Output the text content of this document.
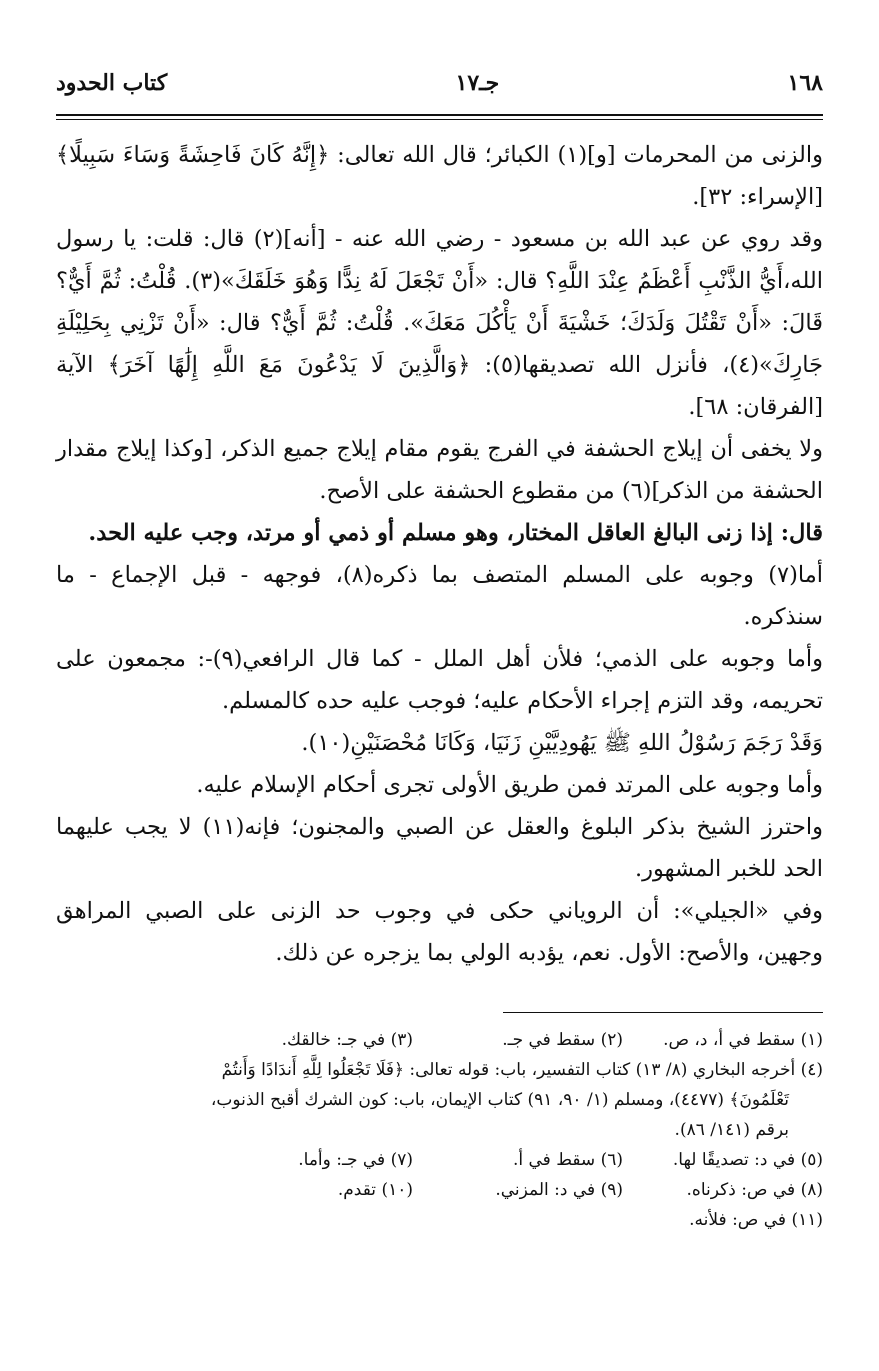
١٦٨
جـ١٧
كتاب الحدود

والزنى من المحرمات [و](١) الكبائر؛ قال الله تعالى: ﴿إِنَّهُ كَانَ فَاحِشَةً وَسَاءَ سَبِيلًا﴾ [الإسراء: ٣٢].

وقد روي عن عبد الله بن مسعود - رضي الله عنه - [أنه](٢) قال: قلت: يا رسول الله،أَيُّ الذَّنْبِ أَعْظَمُ عِنْدَ اللَّهِ؟ قال: «أَنْ تَجْعَلَ لَهُ نِدًّا وَهُوَ خَلَقَكَ»(٣). قُلْتُ: ثُمَّ أَيٌّ؟ قَالَ: «أَنْ تَقْتُلَ وَلَدَكَ؛ خَشْيَةَ أَنْ يَأْكُلَ مَعَكَ». قُلْتُ: ثُمَّ أَيٌّ؟ قال: «أَنْ تَزْنِي بِحَلِيْلَةِ جَارِكَ»(٤)، فأنزل الله تصديقها(٥): ﴿وَالَّذِينَ لَا يَدْعُونَ مَعَ اللَّهِ إِلَٰهًا آخَرَ﴾ الآية [الفرقان: ٦٨].

ولا يخفى أن إيلاج الحشفة في الفرج يقوم مقام إيلاج جميع الذكر، [وكذا إيلاج مقدار الحشفة من الذكر](٦) من مقطوع الحشفة على الأصح.

قال: إذا زنى البالغ العاقل المختار، وهو مسلم أو ذمي أو مرتد، وجب عليه الحد.

أما(٧) وجوبه على المسلم المتصف بما ذكره(٨)، فوجهه - قبل الإجماع - ما سنذكره.

وأما وجوبه على الذمي؛ فلأن أهل الملل - كما قال الرافعي(٩)-: مجمعون على تحريمه، وقد التزم إجراء الأحكام عليه؛ فوجب عليه حده كالمسلم.

وَقَدْ رَجَمَ رَسُوْلُ اللهِ ﷺ يَهُودِيَّيْنِ زَنَيَا، وَكَانَا مُحْصَنَيْنِ(١٠).

وأما وجوبه على المرتد فمن طريق الأولى تجرى أحكام الإسلام عليه.

واحترز الشيخ بذكر البلوغ والعقل عن الصبي والمجنون؛ فإنه(١١) لا يجب عليهما الحد للخبر المشهور.

وفي «الجيلي»: أن الروياني حكى في وجوب حد الزنى على الصبي المراهق وجهين، والأصح: الأول. نعم، يؤدبه الولي بما يزجره عن ذلك.

(١) سقط في أ، د، ص.
(٢) سقط في جـ.
(٣) في جـ: خالقك.
(٤) أخرجه البخاري (٨/ ١٣) كتاب التفسير، باب: قوله تعالى: ﴿فَلَا تَجْعَلُوا لِلَّهِ أَندَادًا وَأَنتُمْ
تَعْلَمُونَ﴾ (٤٤٧٧)، ومسلم (١/ ٩٠، ٩١) كتاب الإيمان، باب: كون الشرك أقبح الذنوب،
برقم (١٤١/ ٨٦).
(٥) في د: تصديقًا لها.
(٦) سقط في أ.
(٧) في جـ: وأما.
(٨) في ص: ذكرناه.
(٩) في د: المزني.
(١٠) تقدم.
(١١) في ص: فلأنه.
